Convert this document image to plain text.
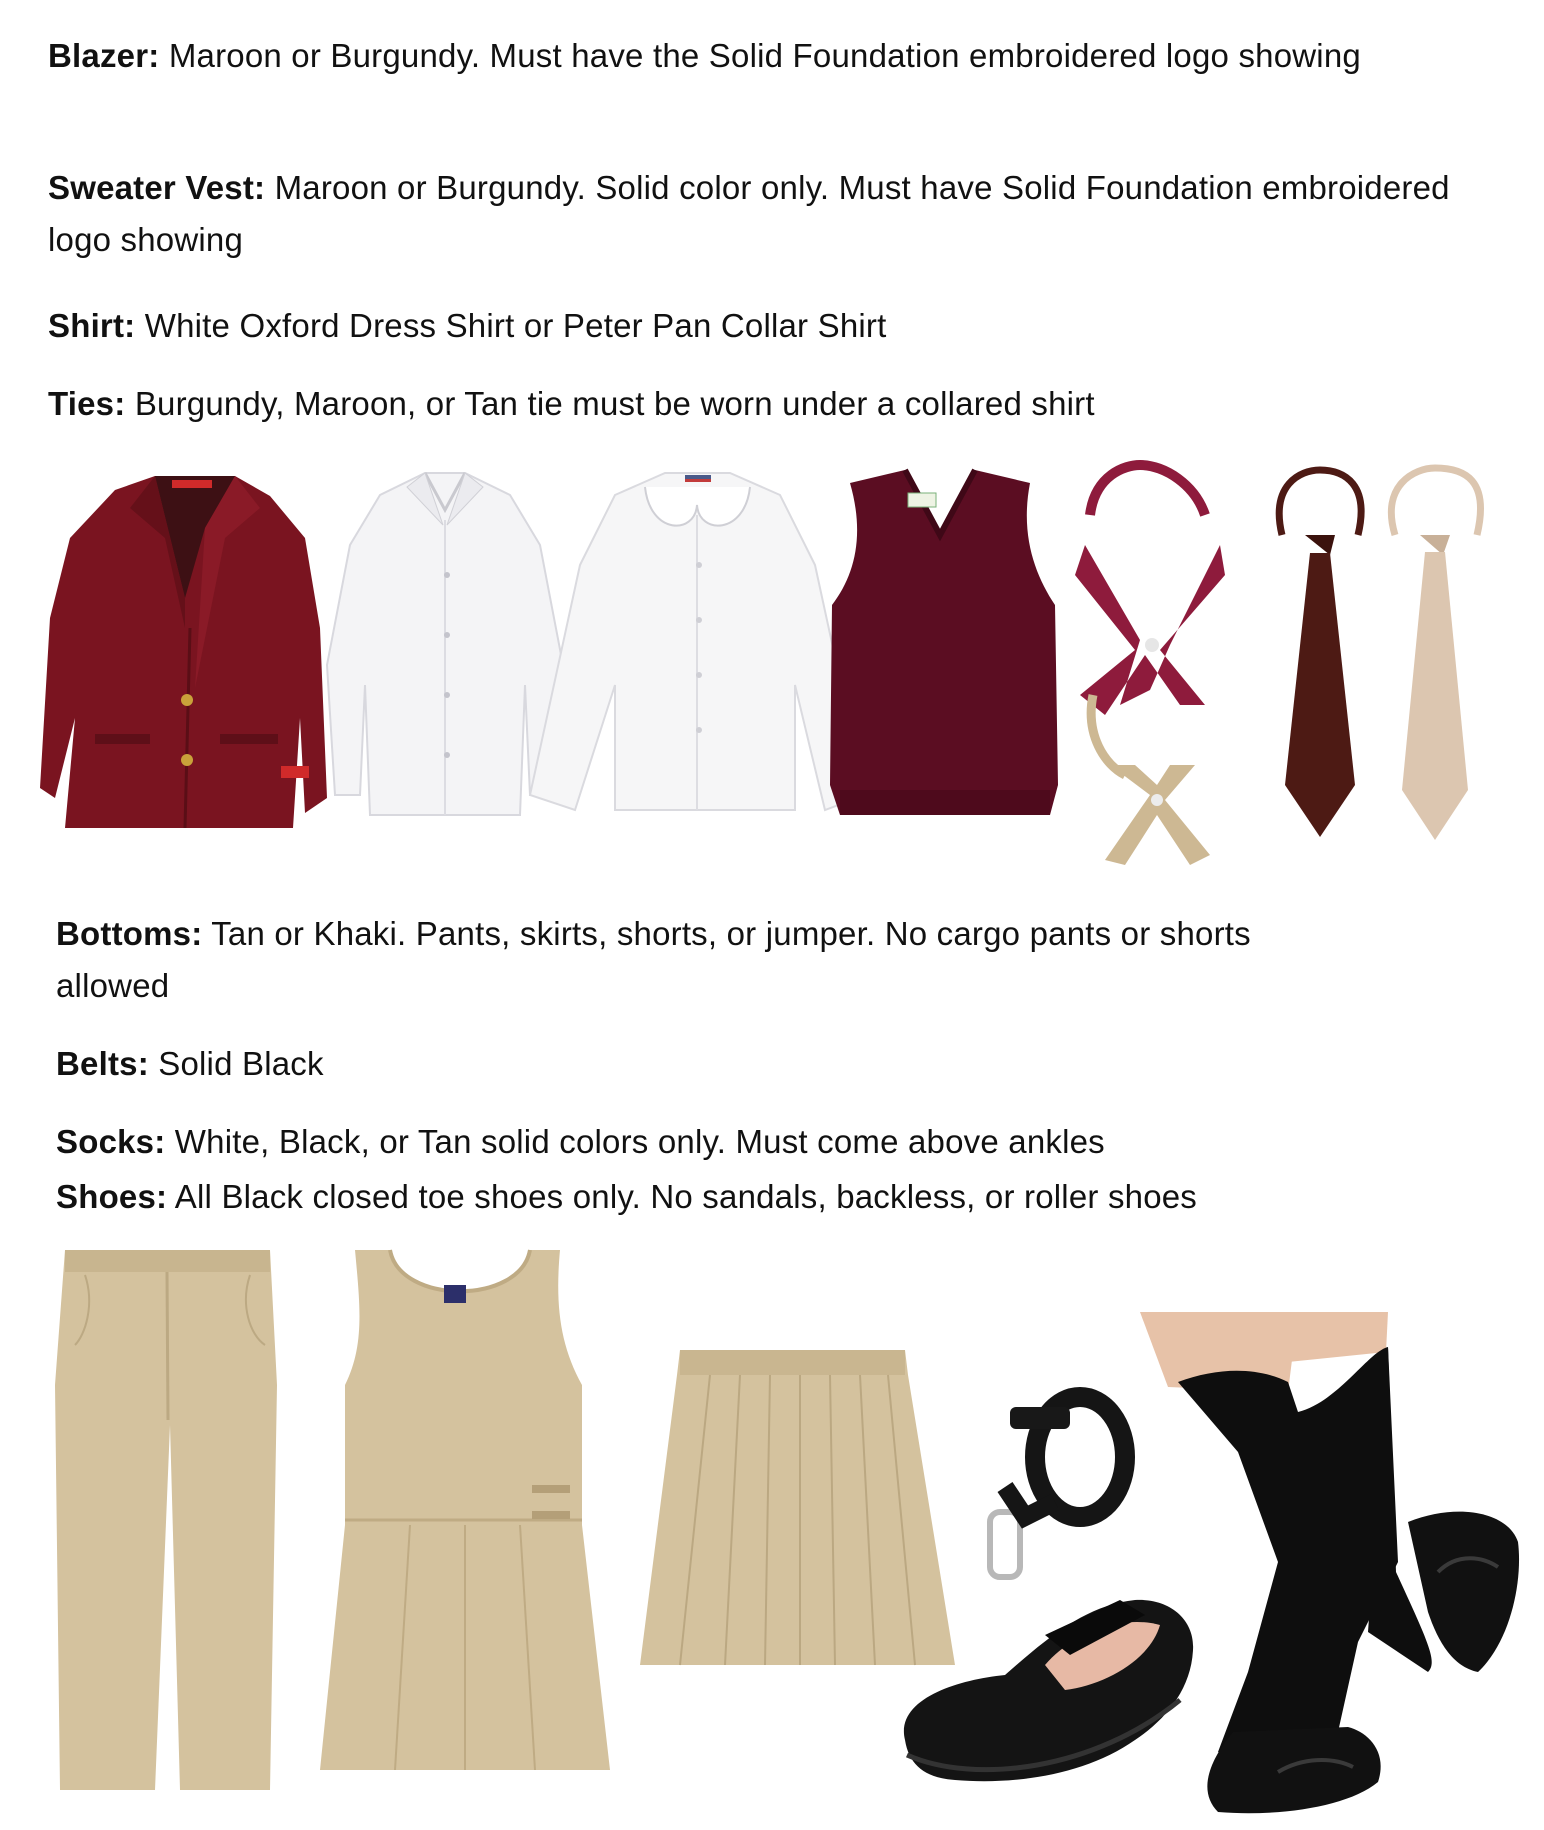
Blazer: Maroon or Burgundy. Must have the Solid Foundation embroidered logo showing
Sweater Vest: Maroon or Burgundy. Solid color only. Must have Solid Foundation embroidered logo showing
Shirt: White Oxford Dress Shirt or Peter Pan Collar Shirt
Ties: Burgundy, Maroon, or Tan tie must be worn under a collared shirt
Bottoms: Tan or Khaki. Pants, skirts, shorts, or jumper. No cargo pants or shorts allowed
Belts: Solid Black
Socks: White, Black, or Tan solid colors only. Must come above ankles
Shoes: All Black closed toe shoes only. No sandals, backless, or roller shoes
